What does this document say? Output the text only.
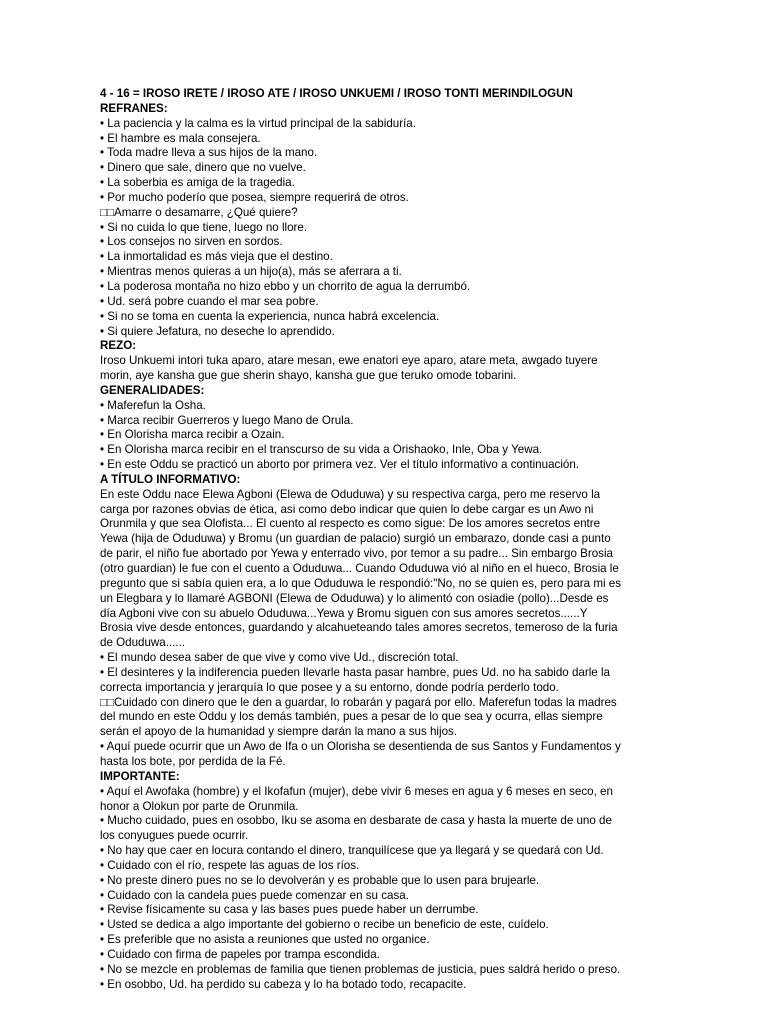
4 - 16 = IROSO IRETE / IROSO ATE / IROSO UNKUEMI / IROSO TONTI MERINDILOGUN
REFRANES:
• La paciencia y la calma es la virtud principal de la sabiduría.
• El hambre es mala consejera.
• Toda madre lleva a sus hijos de la mano.
• Dinero que sale, dinero que no vuelve.
• La soberbia es amiga de la tragedia.
• Por mucho poderío que posea, siempre requerirá de otros.
□□Amarre o desamarre, ¿Qué quiere?
• Si no cuida lo que tiene, luego no llore.
• Los consejos no sirven en sordos.
• La inmortalidad es más vieja que el destino.
• Mientras menos quieras a un hijo(a), más se aferrara a ti.
• La poderosa montaña no hizo ebbo y un chorrito de agua la derrumbó.
• Ud. será pobre cuando el mar sea pobre.
• Si no se toma en cuenta la experiencia, nunca habrá excelencia.
• Si quiere Jefatura, no deseche lo aprendido.
REZO:
Iroso Unkuemi intori tuka aparo, atare mesan, ewe enatori eye aparo, atare meta, awgado tuyere
morin, aye kansha gue gue sherin shayo, kansha gue gue teruko omode tobarini.
GENERALIDADES:
• Maferefun la Osha.
• Marca recibir Guerreros y luego Mano de Orula.
• En Olorisha marca recibir a Ozain.
• En Olorisha marca recibir en el transcurso de su vida a Orishaoko, Inle, Oba y Yewa.
• En este Oddu se practicó un aborto por primera vez. Ver el título informativo a continuación.
A TÍTULO INFORMATIVO:
En este Oddu nace Elewa Agboni (Elewa de Oduduwa) y su respectiva carga, pero me reservo la
carga por razones obvias de ética, asi como debo indicar que quien lo debe cargar es un Awo ni
Orunmila y que sea Olofista... El cuento al respecto es como sigue: De los amores secretos entre
Yewa (hija de Oduduwa) y Bromu (un guardian de palacio) surgió un embarazo, donde casi a punto
de parir, el niño fue abortado por Yewa y enterrado vivo, por temor a su padre... Sin embargo Brosia
(otro guardian) le fue con el cuento a Oduduwa... Cuando Oduduwa vió al niño en el hueco, Brosia le
pregunto que si sabía quien era, a lo que Oduduwa le respondió:"No, no se quien es, pero para mi es
un Elegbara y lo llamaré AGBONI (Elewa de Oduduwa) y lo alimentó con osiadie (pollo)...Desde es
día Agboni vive con su abuelo Oduduwa...Yewa y Bromu siguen con sus amores secretos......Y
Brosia vive desde entonces, guardando y alcahueteando tales amores secretos, temeroso de la furia
de Oduduwa......
• El mundo desea saber de que vive y como vive Ud., discreción total.
• El desinteres y la indiferencia pueden llevarle hasta pasar hambre, pues Ud. no ha sabido darle la
correcta importancia y jerarquía lo que posee y a su entorno, donde podría perderlo todo.
□□Cuidado con dinero que le den a guardar, lo robarán y pagará por ello. Maferefun todas la madres
del mundo en este Oddu y los demás también, pues a pesar de lo que sea y ocurra, ellas siempre
serán el apoyo de la humanidad y siempre darán la mano a sus hijos.
• Aquí puede ocurrir que un Awo de Ifa o un Olorisha se desentienda de sus Santos y Fundamentos y
hasta los bote, por perdida de la Fé.
IMPORTANTE:
• Aquí el Awofaka (hombre) y el Ikofafun (mujer), debe vivir 6 meses en agua y 6 meses en seco, en
honor a Olokun por parte de Orunmila.
• Mucho cuidado, pues en osobbo, Iku se asoma en desbarate de casa y hasta la muerte de uno de
los conyugues puede ocurrir.
• No hay que caer en locura contando el dinero, tranquilícese que ya llegará y se quedará con Ud.
• Cuidado con el río, respete las aguas de los ríos.
• No preste dinero pues no se lo devolverán y es probable que lo usen para brujearle.
• Cuidado con la candela pues puede comenzar en su casa.
• Revise físicamente su casa y las bases pues puede haber un derrumbe.
• Usted se dedica a algo importante del gobierno o recibe un beneficio de este, cuídelo.
• Es preferible que no asista a reuniones que usted no organice.
• Cuidado con firma de papeles por trampa escondida.
• No se mezcle en problemas de familia que tienen problemas de justicia, pues saldrá herido o preso.
• En osobbo, Ud. ha perdido su cabeza y lo ha botado todo, recapacite.
